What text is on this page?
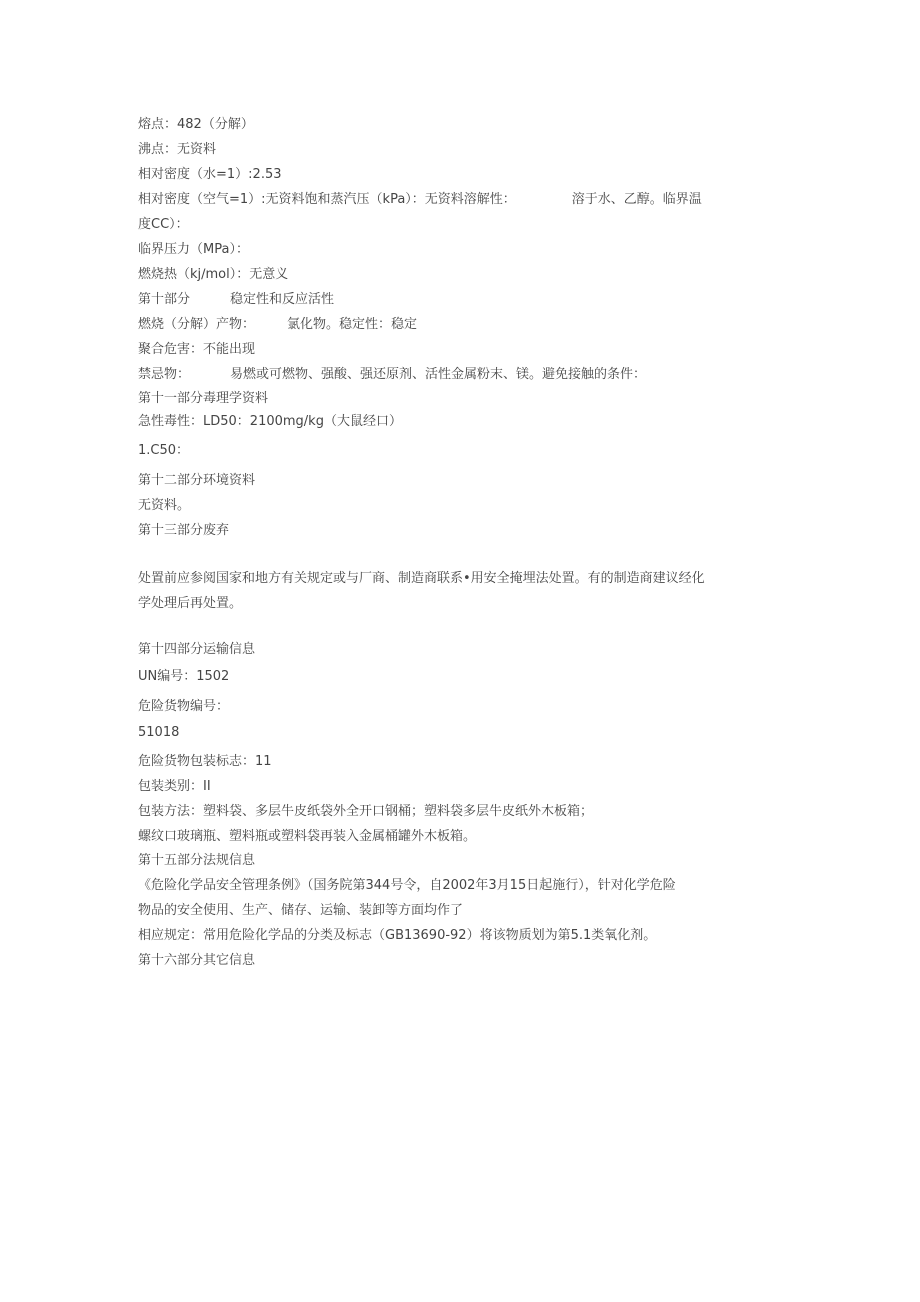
熔点：482（分解）
沸点：无资料
相对密度（水=1）:2.53
相对密度（空气=1）:无资料饱和蒸汽压（kPa）：无资料溶解性：	溶于水、乙醇。临界温
度CC）：
临界压力（MPa）：
燃烧热（kj∕mol）：无意义
第十部分	稳定性和反应活性
燃烧（分解）产物： 氯化物。稳定性：稳定
聚合危害：不能出现
禁忌物：	易燃或可燃物、强酸、强还原剂、活性金属粉末、镁。避免接触的条件：
第十一部分毒理学资料
急性毒性：LD50：2100mg/kg（大鼠经口）
1.C50：
第十二部分环境资料
无资料。
第十三部分废弃
处置前应参阅国家和地方有关规定或与厂商、制造商联系•用安全掩埋法处置。有的制造商建议经化
学处理后再处置。
第十四部分运输信息
UN编号：1502
危险货物编号：
51018
危险货物包装标志：11
包装类别：II
包装方法：塑料袋、多层牛皮纸袋外全开口钢桶；塑料袋多层牛皮纸外木板箱；
螺纹口玻璃瓶、塑料瓶或塑料袋再装入金属桶罐外木板箱。
第十五部分法规信息
《危险化学品安全管理条例》（国务院第344号令，自2002年3月15日起施行），针对化学危险
物品的安全使用、生产、储存、运输、装卸等方面均作了
相应规定：常用危险化学品的分类及标志（GB13690-92）将该物质划为第5.1类氧化剂。
第十六部分其它信息
